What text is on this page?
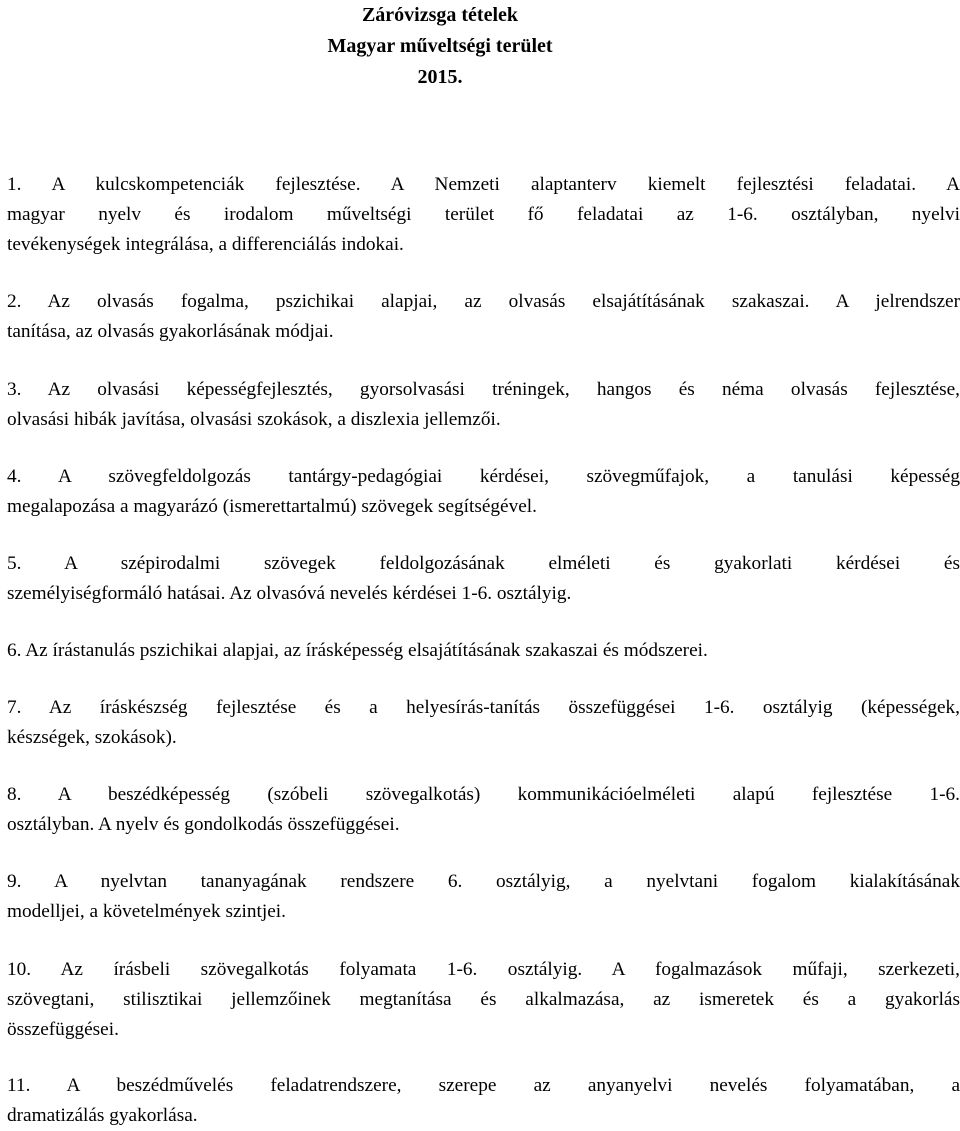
Záróvizsga tételek
Magyar műveltségi terület
2015.
1. A kulcskompetenciák fejlesztése. A Nemzeti alaptanterv kiemelt fejlesztési feladatai. A
magyar nyelv és irodalom műveltségi terület fő feladatai az 1-6. osztályban, nyelvi
tevékenységek integrálása, a differenciálás indokai.
2. Az olvasás fogalma, pszichikai alapjai, az olvasás elsajátításának szakaszai. A jelrendszer
tanítása, az olvasás gyakorlásának módjai.
3. Az olvasási képességfejlesztés, gyorsolvasási tréningek, hangos és néma olvasás fejlesztése,
olvasási hibák javítása, olvasási szokások, a diszlexia jellemzői.
4. A szövegfeldolgozás tantárgy-pedagógiai kérdései, szövegműfajok, a tanulási képesség
megalapozása a magyarázó (ismerettartalmú) szövegek segítségével.
5. A szépirodalmi szövegek feldolgozásának elméleti és gyakorlati kérdései és
személyiségformáló hatásai. Az olvasóvá nevelés kérdései 1-6. osztályig.
6. Az írástanulás pszichikai alapjai, az írásképesség elsajátításának szakaszai és módszerei.
7. Az íráskészség fejlesztése és a helyesírás-tanítás összefüggései 1-6. osztályig (képességek,
készségek, szokások).
8. A beszédképesség (szóbeli szövegalkotás) kommunikációelméleti alapú fejlesztése 1-6.
osztályban. A nyelv és gondolkodás összefüggései.
9. A nyelvtan tananyagának rendszere 6. osztályig, a nyelvtani fogalom kialakításának
modelljei, a követelmények szintjei.
10. Az írásbeli szövegalkotás folyamata 1-6. osztályig. A fogalmazások műfaji, szerkezeti,
szövegtani, stilisztikai jellemzőinek megtanítása és alkalmazása, az ismeretek és a gyakorlás
összefüggései.
11. A beszédművelés feladatrendszere, szerepe az anyanyelvi nevelés folyamatában, a
dramatizálás gyakorlása.
